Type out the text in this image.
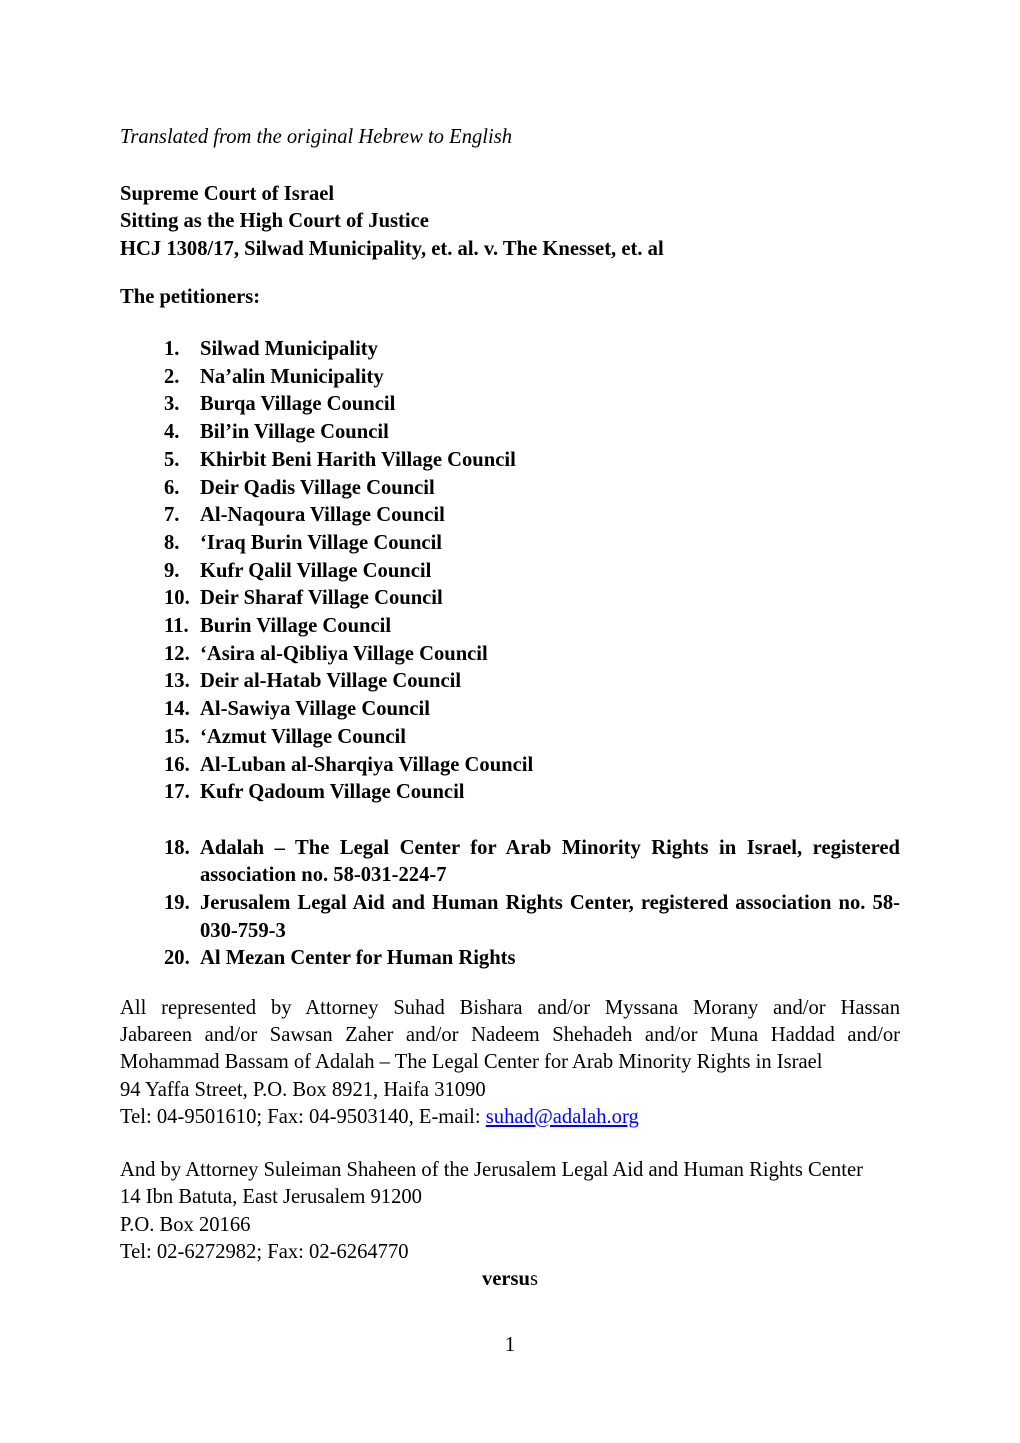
Translated from the original Hebrew to English
Supreme Court of Israel
Sitting as the High Court of Justice
HCJ 1308/17, Silwad Municipality, et. al. v. The Knesset, et. al
The petitioners:
1. Silwad Municipality
2. Na’alin Municipality
3. Burqa Village Council
4. Bil’in Village Council
5. Khirbit Beni Harith Village Council
6. Deir Qadis Village Council
7. Al-Naqoura Village Council
8. ‘Iraq Burin Village Council
9. Kufr Qalil Village Council
10. Deir Sharaf Village Council
11. Burin Village Council
12. ‘Asira al-Qibliya Village Council
13. Deir al-Hatab Village Council
14. Al-Sawiya Village Council
15. ‘Azmut Village Council
16. Al-Luban al-Sharqiya Village Council
17. Kufr Qadoum Village Council
18. Adalah – The Legal Center for Arab Minority Rights in Israel, registered
association no. 58-031-224-7
19. Jerusalem Legal Aid and Human Rights Center, registered association no. 58-
030-759-3
20. Al Mezan Center for Human Rights
All represented by Attorney Suhad Bishara and/or Myssana Morany and/or Hassan
Jabareen and/or Sawsan Zaher and/or Nadeem Shehadeh and/or Muna Haddad and/or
Mohammad Bassam of Adalah – The Legal Center for Arab Minority Rights in Israel
94 Yaffa Street, P.O. Box 8921, Haifa 31090
Tel: 04-9501610; Fax: 04-9503140, E-mail: suhad@adalah.org
And by Attorney Suleiman Shaheen of the Jerusalem Legal Aid and Human Rights Center
14 Ibn Batuta, East Jerusalem 91200
P.O. Box 20166
Tel: 02-6272982; Fax: 02-6264770
versus
1
